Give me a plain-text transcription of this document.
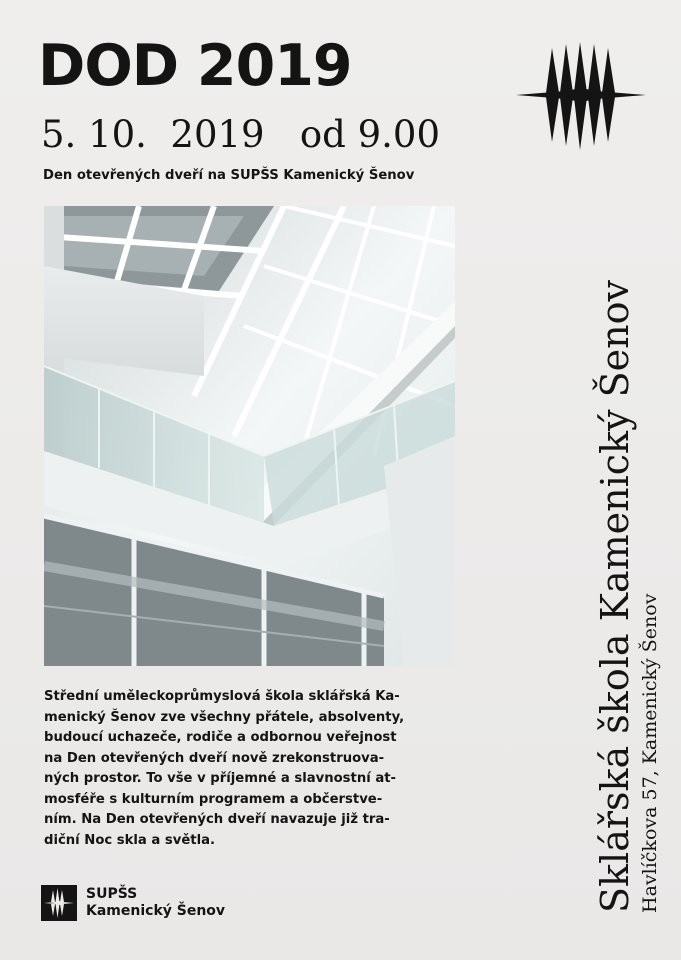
DOD 2019
5. 10.  2019   od 9.00
Den otevřených dveří na SUPŠS Kamenický Šenov
Střední uměleckoprůmyslová škola sklářská Ka-
menický Šenov zve všechny přátele, absolventy,
budoucí uchazeče, rodiče a odbornou veřejnost
na Den otevřených dveří nově zrekonstruova-
ných prostor. To vše v příjemné a slavnostní at-
mosféře s kulturním programem a občerstve-
ním. Na Den otevřených dveří navazuje již tra-
diční Noc skla a světla.
SUPŠS
Kamenický Šenov	Sklářská škola Kamenický Šenov Havlíčkova 57, Kamenický Šenov
